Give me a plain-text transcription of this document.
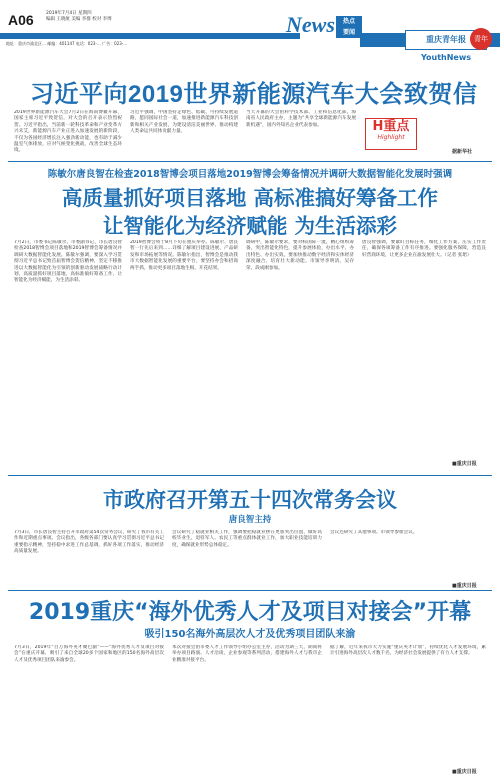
A06	2019年7月4日 星期四
编辑 王晓航 美编 李群 校对 李博
地址：重庆市渝北区… 邮编：401147 电话：023-… 广告：023-…
News	热点
要闻
重庆青年报YouthNews
青年
习近平向2019世界新能源汽车大会致贺信
2019世界新能源汽车大会7月2日在海南博鳌开幕，国家主席习近平致贺信，对大会的召开表示热烈祝贺。习近平指出，当前新一轮科技革命和产业变革方兴未艾，新能源汽车产业正进入加速发展的新阶段，不仅为各国经济增长注入强劲新动能，也有助于减少温室气体排放，应对气候变化挑战，改善全球生态环境。
习近平强调，中国坚持走绿色、低碳、可持续发展道路，愿同国际社会一道，加速推进新能源汽车科技创新和相关产业发展，为建设清洁美丽世界、推动构建人类命运共同体贡献力量。
当天开幕的大会由科学技术部、工业和信息化部、海南省人民政府主办，主题为“共享全球新能源汽车发展新机遇”，国内外知名企业代表参加。	H重点
Highlight
据新华社
陈敏尔唐良智在检查2018智博会项目落地2019智博会筹备情况并调研大数据智能化发展时强调
高质量抓好项目落地 高标准搞好筹备工作
让智能化为经济赋能 为生活添彩
7月2日，市委书记陈敏尔，市委副书记、市长唐良智检查2018智博会项目落地和2019智博会筹备情况并调研大数据智能化发展。陈敏尔强调，要深入学习贯彻习近平总书记致首届智博会贺信精神，坚定不移推进以大数据智能化为引领的创新驱动发展战略行动计划，高质量抓好项目落地，高标准搞好筹备工作，让智能化为经济赋能、为生活添彩。
2019智博会将于8月下旬在重庆举办。陈敏尔、唐良智一行先后来到……详细了解项目建设进展、产品研发和市场拓展等情况。陈敏尔指出，智博会是推动我市大数据智能化发展的重要平台，要坚持办会和招商两手抓，推动更多项目落地生根、开花结果。
调研中，陈敏尔要求，要对标国际一流，精心组织筹备，突出智能化特色，提升参展体验，办出水平、办出特色、办出实效。要加快推动数字经济和实体经济深度融合，培育壮大新动能。市领导李明清、吴存荣、段成刚参加。
唐良智强调，要紧盯目标任务，细化工作方案，压实工作责任，确保各项筹备工作有序推进。要强化服务保障，营造良好营商环境，让更多企业在渝发展壮大。（记者 张珺）
■重庆日报
市政府召开第五十四次常务会议
唐良智主持
7月3日，市长唐良智主持召开市政府第54次常务会议，研究了我市有关工作和近期重点事项。会议指出，各级各部门要认真学习贯彻习近平总书记重要指示精神，坚持稳中求进工作总基调，抓好各项工作落实，推动经济高质量发展。
会议研究了稳就业相关工作，强调要把稳就业摆在更加突出位置，做好高校毕业生、退役军人、农民工等重点群体就业工作，加大职业技能培训力度，确保就业形势总体稳定。
会议还研究了其他事项。市领导参加会议。
■重庆日报
2019重庆“海外优秀人才及项目对接会”开幕
吸引150名海外高层次人才及优秀项目团队来渝
7月3日，2019年“百万海外英才聚巴渝”——“海外优秀人才及项目对接会”在重庆开幕，吸引了来自全球20多个国家和地区的150名海外高层次人才及优秀项目团队来渝参会。
本次对接会由市委人才工作领导小组办公室主办，活动为期三天，期间将举办项目路演、人才洽谈、企业参观等系列活动，搭建海外人才与我市企业精准对接平台。
据了解，近年来我市大力实施“重庆英才计划”，持续优化人才发展环境，累计引进海外高层次人才数千名，为经济社会发展提供了有力人才支撑。
■重庆日报
